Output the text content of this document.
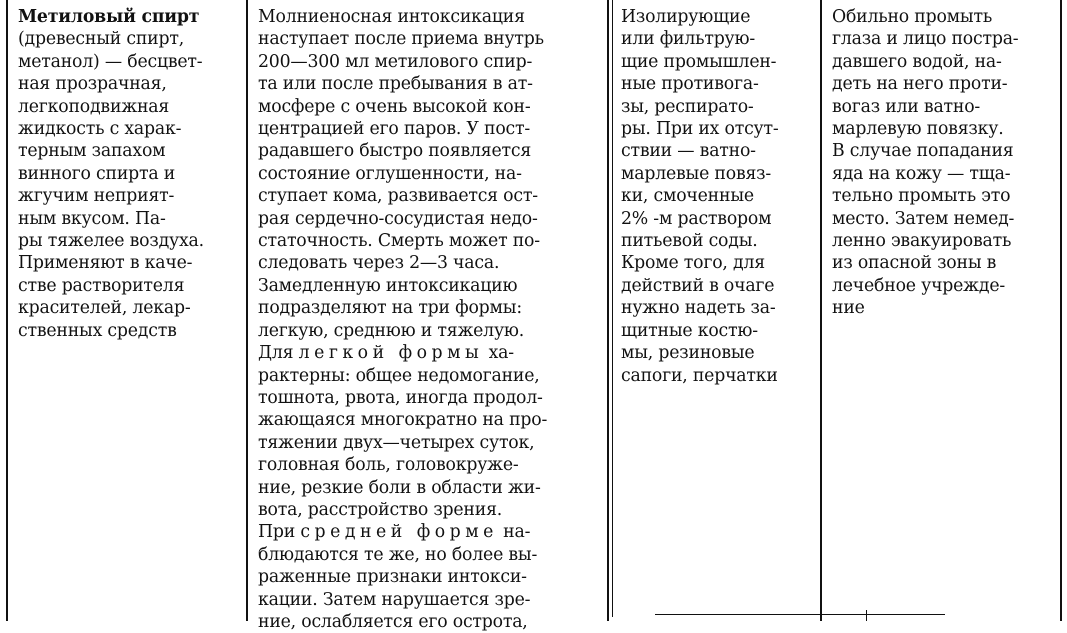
Метиловый спирт
(древесный спирт,
метанол) — бесцвет-
ная прозрачная,
легкоподвижная
жидкость с харак-
терным запахом
винного спирта и
жгучим неприят-
ным вкусом. Па-
ры тяжелее воздуха.
Применяют в каче-
стве растворителя
красителей, лекар-
ственных средств
Молниеносная интоксикация
наступает после приема внутрь
200—300 мл метилового спир-
та или после пребывания в ат-
мосфере с очень высокой кон-
центрацией его паров. У пост-
радавшего быстро появляется
состояние оглушенности, на-
ступает кома, развивается ост-
рая сердечно-сосудистая недо-
статочность. Смерть может по-
следовать через 2—3 часа.
Замедленную интоксикацию
подразделяют на три формы:
легкую, среднюю и тяжелую.
Для легкой формы ха-
рактерны: общее недомогание,
тошнота, рвота, иногда продол-
жающаяся многократно на про-
тяжении двух—четырех суток,
головная боль, головокруже-
ние, резкие боли в области жи-
вота, расстройство зрения.
При средней форме на-
блюдаются те же, но более вы-
раженные признаки интокси-
кации. Затем нарушается зре-
ние, ослабляется его острота,
Изолирующие
или фильтрую-
щие промышлен-
ные противога-
зы, респирато-
ры. При их отсут-
ствии — ватно-
марлевые повяз-
ки, смоченные
2% -м раствором
питьевой соды.
Кроме того, для
действий в очаге
нужно надеть за-
щитные костю-
мы, резиновые
сапоги, перчатки
Обильно промыть
глаза и лицо постра-
давшего водой, на-
деть на него проти-
вогаз или ватно-
марлевую повязку.
В случае попадания
яда на кожу — тща-
тельно промыть это
место. Затем немед-
ленно эвакуировать
из опасной зоны в
лечебное учрежде-
ние
